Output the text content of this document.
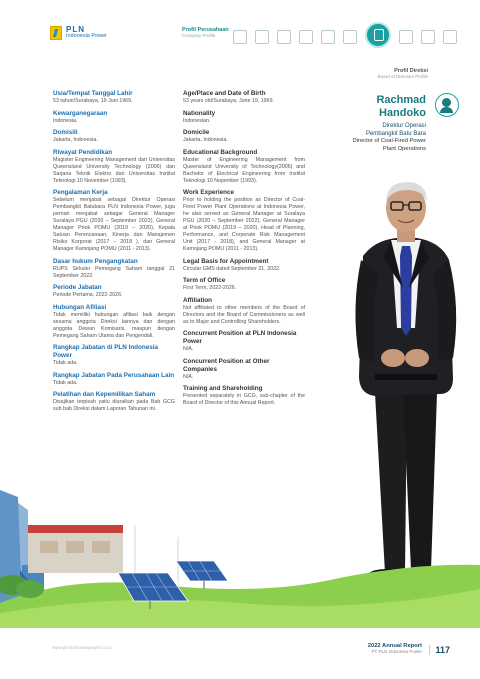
PLN
Indonesia Power
Profil Perusahaan
Company Profile
Profil Direksi
Board of Directors Profile
Usia/Tempat Tanggal Lahir
53 tahun/Surabaya, 19 Juni 1969.
Kewarganegaraan
Indonesia.
Domisili
Jakarta, Indonesia.
Riwayat Pendidikan
Magister Engineering Management dari Universitas Queensland University Technology (2006) dan Sarjana Teknik Elektro dari Universitas Institut Teknologi 10 November (1993).
Pengalaman Kerja
Sebelum menjabat sebagai Direktur Operasi Pembangkit Batubara PLN Indonesia Power, juga pernah menjabat sebagai General Manager Suralaya PGU (2020 – September 2022), General Manager Priok POMU (2019 – 2020), Kepala Satuan Perencanaan, Kinerja dan Manajemen Risiko Korporat (2017 – 2018 ), dan General Manager Kamojang POMU (2011 - 2013).
Dasar hukum Pengangkatan
RUPS Sirkuler Pemegang Saham tanggal 21 September 2022.
Periode Jabatan
Periode Pertama, 2022-2026.
Hubungan Afiliasi
Tidak memiliki hubungan afiliasi baik dengan sesama anggota Direksi lainnya dan dengan anggota Dewan Komisaris, maupun dengan Pemegang Saham Utama dan Pengendali.
Rangkap Jabatan di PLN Indonesia Power
Tidak ada.
Rangkap Jabatan Pada Perusahaan Lain
Tidak ada.
Pelatihan dan Kepemilikan Saham
Disajikan terpisah yaitu diuraikan pada Bab GCG sub bab Direksi dalam Laporan Tahunan ini.
Age/Place and Date of Birth
53 years old/Surabaya, June 19, 1969.
Nationality
Indonesian.
Domicile
Jakarta, Indonesia.
Educational Background
Master of Engineering Management from Queensland University of Technology(2006) and Bachelor of Electrical Engineering from Institut Teknologi 10 Nopember (1993).
Work Experience
Prior to holding the position as Director of Coal-Fired Power Plant Operations at Indonesia Power, he also served as General Manager at Suralaya PGU (2020 – September 2022), General Manager at Priok POMU (2019 – 2020), Head of Planning, Performance, and Corporate Risk Management Unit (2017 - 2018), and General Manager at Kamojang POMU (2011 - 2013).
Legal Basis for Appointment
Circular GMS dated September 21, 2022.
Term of Office
First Term, 2022-2026.
Affiliation
Not affiliated to other members of the Board of Directors and the Board of Commissioners as well as to Major and Controlling Shareholders.
Concurrent Position at PLN Indonesia Power
N/A.
Concurrent Position at Other Companies
N/A.
Training and Shareholding
Presented separately in GCG, sub-chapter of the Board of Director of this Annual Report.
Rachmad
Handoko
Direktur Operasi
Pembangkit Batu Bara
Director of Coal-Fired Power
Plant Operations
www.plnindonesiapower.co.id	2022 Annual Report
PT PLN Indonesia Power	117
